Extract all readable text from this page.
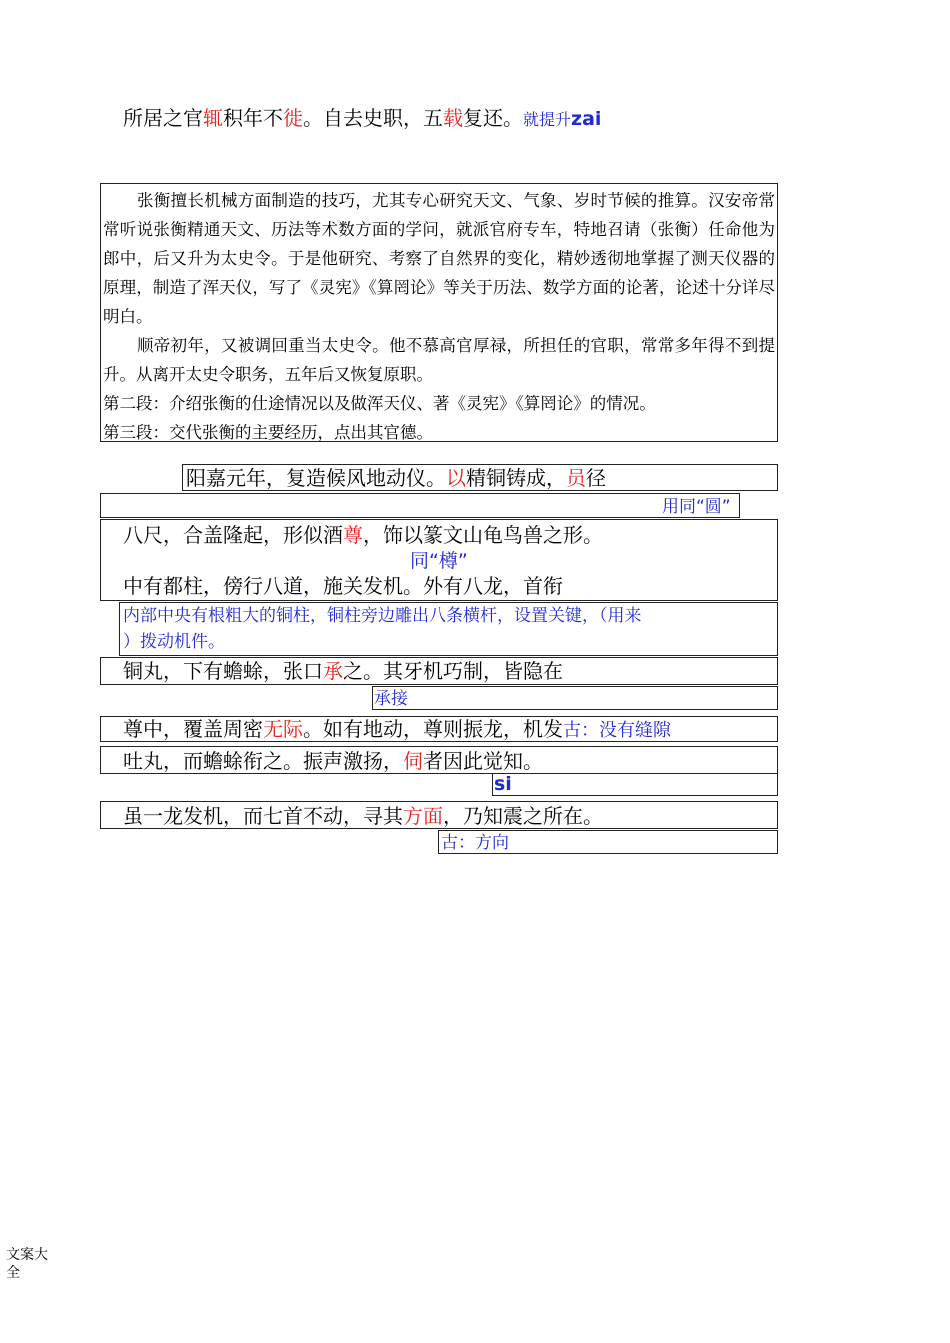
所居之官辄积年不徙。自去史职，五载复还。就提升zai

张衡擅长机械方面制造的技巧，尤其专心研究天文、气象、岁时节候的推算。汉安帝常常听说张衡精通天文、历法等术数方面的学问，就派官府专车，特地召请（张衡）任命他为郎中，后又升为太史令。于是他研究、考察了自然界的变化，精妙透彻地掌握了测天仪器的原理，制造了浑天仪，写了《灵宪》《算罔论》等关于历法、数学方面的论著，论述十分详尽明白。

顺帝初年，又被调回重当太史令。他不慕高官厚禄，所担任的官职，常常多年得不到提升。从离开太史令职务，五年后又恢复原职。

第二段：介绍张衡的仕途情况以及做浑天仪、著《灵宪》《算罔论》的情况。

第三段：交代张衡的主要经历，点出其官德。

阳嘉元年，复造候风地动仪。以精铜铸成，员径
用同“圆”
八尺，合盖隆起，形似酒尊，饰以篆文山龟鸟兽之形。
同“樽”
中有都柱，傍行八道，施关发机。外有八龙，首衔
内部中央有根粗大的铜柱，铜柱旁边雕出八条横杆，设置关键，（用来
）拨动机件。
铜丸，下有蟾蜍，张口承之。其牙机巧制，皆隐在
承接
尊中，覆盖周密无际。如有地动，尊则振龙，机发古：没有缝隙
吐丸，而蟾蜍衔之。振声激扬，伺者因此觉知。
si
虽一龙发机，而七首不动，寻其方面，乃知震之所在。
古：方向
文案大
全
